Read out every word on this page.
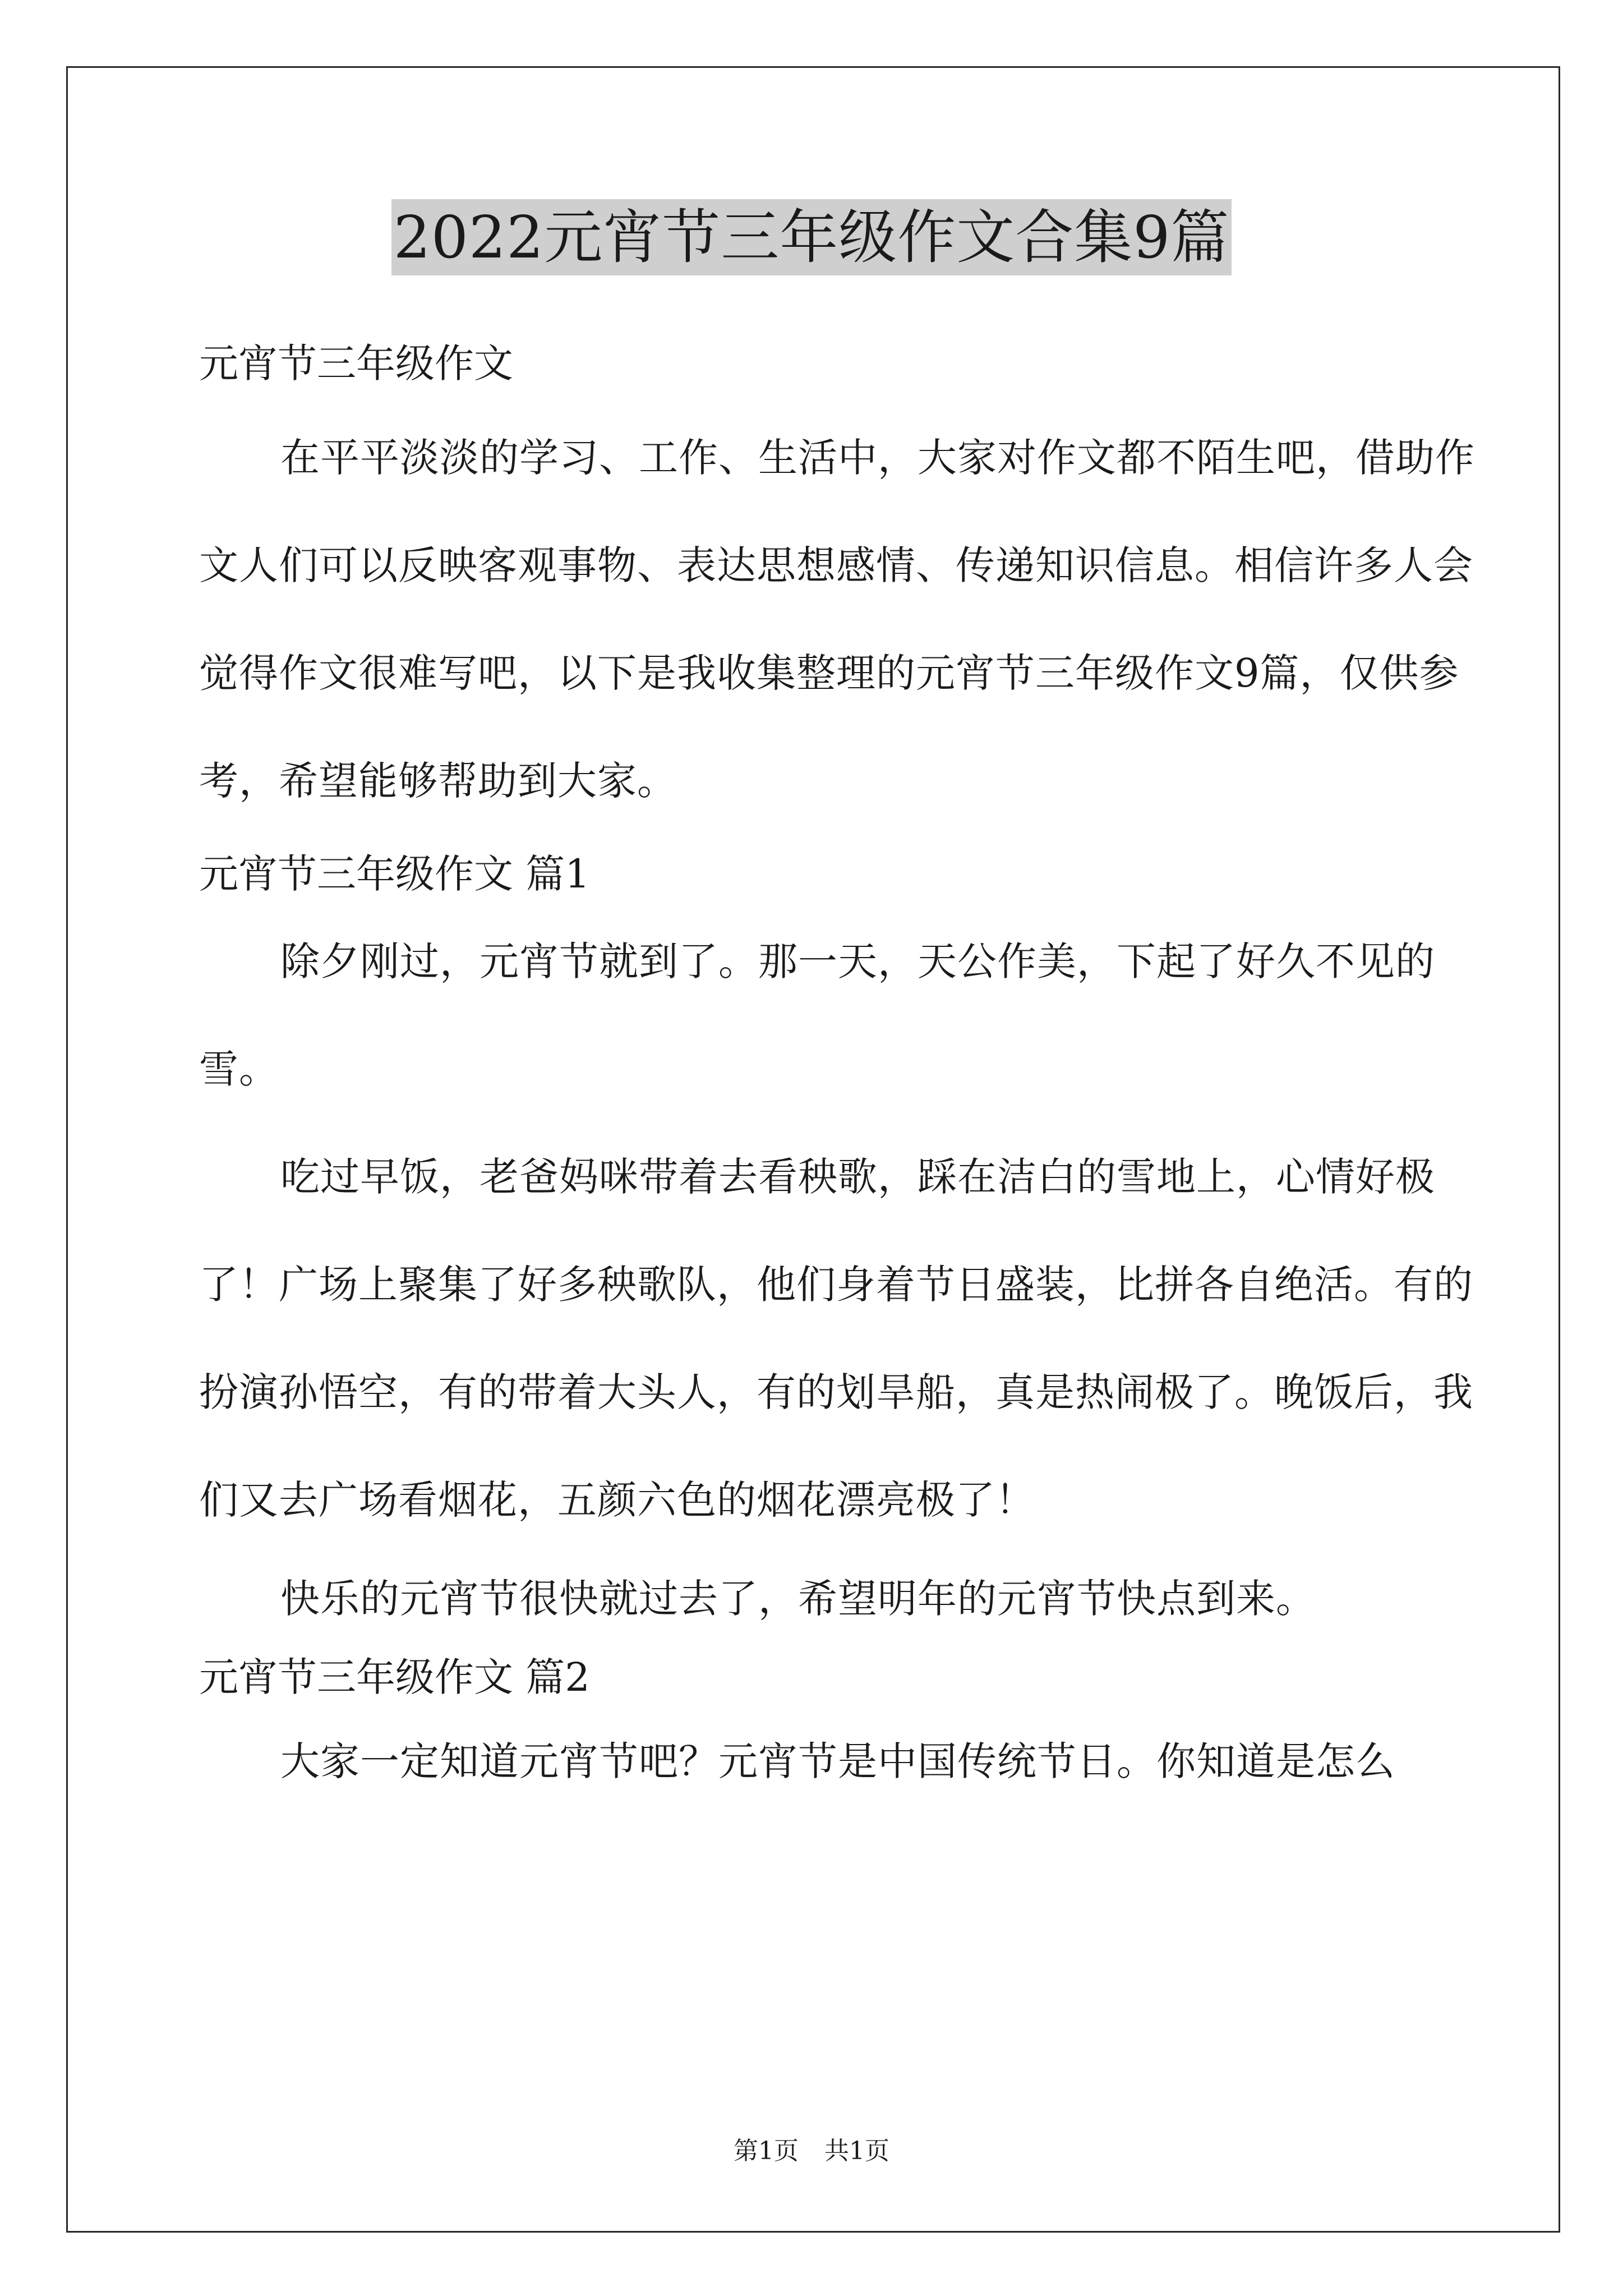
2022元宵节三年级作文合集9篇

元宵节三年级作文

在平平淡淡的学习、工作、生活中，大家对作文都不陌生吧，借助作文人们可以反映客观事物、表达思想感情、传递知识信息。相信许多人会觉得作文很难写吧，以下是我收集整理的元宵节三年级作文9篇，仅供参考，希望能够帮助到大家。

元宵节三年级作文 篇1

除夕刚过，元宵节就到了。那一天，天公作美，下起了好久不见的雪。

吃过早饭，老爸妈咪带着去看秧歌，踩在洁白的雪地上，心情好极了！广场上聚集了好多秧歌队，他们身着节日盛装，比拼各自绝活。有的扮演孙悟空，有的带着大头人，有的划旱船，真是热闹极了。晚饭后，我们又去广场看烟花，五颜六色的烟花漂亮极了！

快乐的元宵节很快就过去了，希望明年的元宵节快点到来。

元宵节三年级作文 篇2

大家一定知道元宵节吧？元宵节是中国传统节日。你知道是怎么

第1页 共1页
